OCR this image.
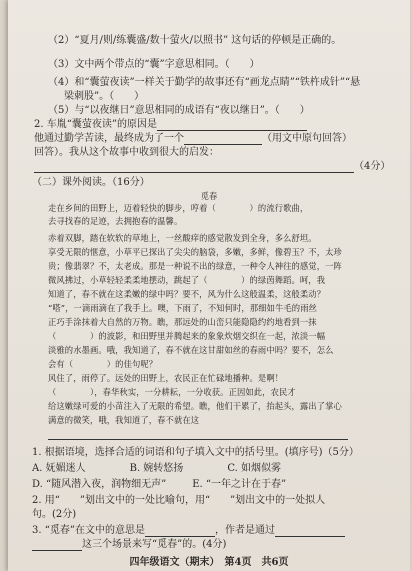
（2）“夏月/则/练囊盛/数十萤火/以照书” 这句话的停顿是正确的。
（3）文中两个带点的“囊”字意思相同。（　　）
（4）和“囊萤夜读”一样关于勤学的故事还有“画龙点睛”“铁杵成针”“悬
梁刺股”。（　　）
（5）与“以夜继日”意思相同的成语有“夜以继日”。（　　）
2. 车胤“囊萤夜读”的原因是
他通过勤学苦读，最终成为了一个	（用文中原句回答）
回答）。我从这个故事中收到很大的启发：
（4分）
（二）课外阅读。（16分）
觅春
走在乡间的田野上，迈着轻快的脚步，哼着（　　　　）的流行歌曲，
去寻找春的足迹，去拥抱春的温馨。
赤着双脚，踏在软软的草地上，一丝酸痒的感觉散发到全身，多么舒坦。
享受无限的惬意，小草平已探出了尖尖的脑袋，多嫩，多鲜，像碧玉？不，太珍
贵；像翡翠？不，太老成。那是一种说不出的绿意，一种令人神往的感觉，一阵
微风拂过，小草轻轻柔柔地摆动，跳起了（　　　　）的绿茵舞蹈。呵，我
知道了，春不就在这柔嫩的绿中吗？要不，风为什么这般温柔，这般柔动？
“嗒”，一滴雨滴在了我手上。噢，下雨了，不知何时，那细如牛毛的雨丝
正巧手涂抹着大自然的万物。瞧，那远处的山峦只能隐隐约约地看到一抹
（　　　　）的波影，和田野里并腾起来的象象炊烟交织在一起，浓淡一幅
淡雅的水墨画。哦，我知道了，春不就在这甘甜如丝的春雨中吗？要不，怎么
会有（　　　　）的佳句呢？
风住了，雨停了。远处的田野上，农民正在忙碌地播种。是啊！
（　　　　），春华秋实，一分耕耘，一分收获。正因如此，农民才
给这嫩绿可爱的小苗注入了无限的希望。瞧，他们干累了，抬起头，露出了掌心
满意的微笑，哦，我知道了，春不就在这
1. 根据语境，选择合适的词语和句子填入文中的括号里。(填序号)（5分）
A. 妩媚迷人	B. 婉转悠扬	C. 如烟似雾
D. “随风潜入夜，润物细无声”	E. “一年之计在于春”
2. 用“　　”划出文中的一处比喻句，用“　　”划出文中的一处拟人
句。(2分)
3. “觅春”在文中的意思是	，作者是通过
这三个场景来写“觅春”的。(4分)
四年级语文（期末）　第4页　共6页
